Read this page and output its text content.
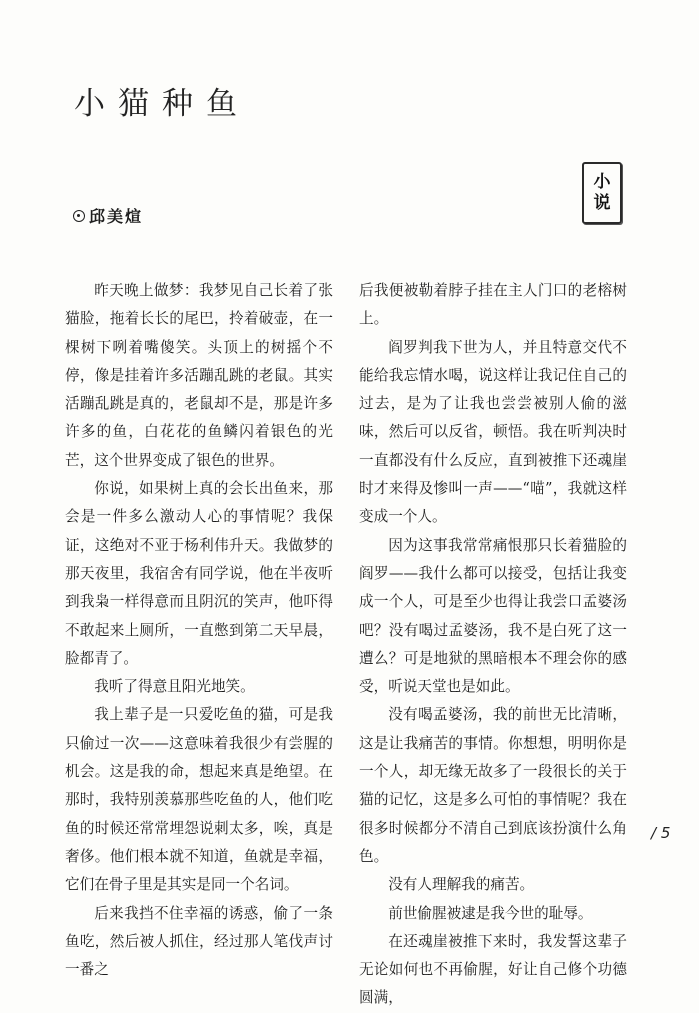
小猫种鱼
小
说
邱美煊

昨天晚上做梦：我梦见自己长着了张猫脸，拖着长长的尾巴，拎着破壶，在一棵树下咧着嘴傻笑。头顶上的树摇个不停，像是挂着许多活蹦乱跳的老鼠。其实活蹦乱跳是真的，老鼠却不是，那是许多许多的鱼，白花花的鱼鳞闪着银色的光芒，这个世界变成了银色的世界。

你说，如果树上真的会长出鱼来，那会是一件多么激动人心的事情呢？我保证，这绝对不亚于杨利伟升天。我做梦的那天夜里，我宿舍有同学说，他在半夜听到我枭一样得意而且阴沉的笑声，他吓得不敢起来上厕所，一直憋到第二天早晨，脸都青了。

我听了得意且阳光地笑。

我上辈子是一只爱吃鱼的猫，可是我只偷过一次——这意味着我很少有尝腥的机会。这是我的命，想起来真是绝望。在那时，我特别羡慕那些吃鱼的人，他们吃鱼的时候还常常埋怨说刺太多，唉，真是奢侈。他们根本就不知道，鱼就是幸福，它们在骨子里是其实是同一个名词。

后来我挡不住幸福的诱惑，偷了一条鱼吃，然后被人抓住，经过那人笔伐声讨一番之

后我便被勒着脖子挂在主人门口的老榕树上。

阎罗判我下世为人，并且特意交代不能给我忘情水喝，说这样让我记住自己的过去，是为了让我也尝尝被别人偷的滋味，然后可以反省，顿悟。我在听判决时一直都没有什么反应，直到被推下还魂崖时才来得及惨叫一声——“喵”，我就这样变成一个人。

因为这事我常常痛恨那只长着猫脸的阎罗——我什么都可以接受，包括让我变成一个人，可是至少也得让我尝口孟婆汤吧？没有喝过孟婆汤，我不是白死了这一遭么？可是地狱的黑暗根本不理会你的感受，听说天堂也是如此。

没有喝孟婆汤，我的前世无比清晰，这是让我痛苦的事情。你想想，明明你是一个人，却无缘无故多了一段很长的关于猫的记忆，这是多么可怕的事情呢？我在很多时候都分不清自己到底该扮演什么角色。

没有人理解我的痛苦。

前世偷腥被逮是我今世的耻辱。

在还魂崖被推下来时，我发誓这辈子无论如何也不再偷腥，好让自己修个功德圆满，

/ 5
